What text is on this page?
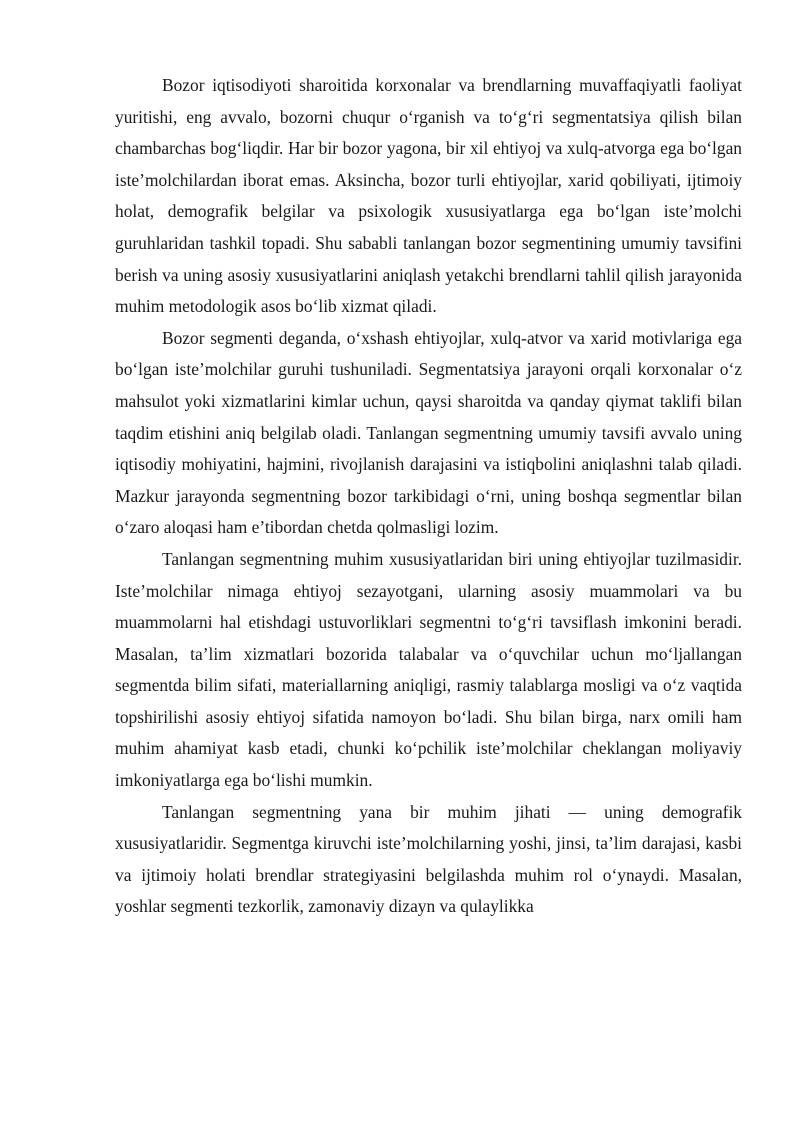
Bozor iqtisodiyoti sharoitida korxonalar va brendlarning muvaffaqiyatli faoliyat yuritishi, eng avvalo, bozorni chuqur o‘rganish va to‘g‘ri segmentatsiya qilish bilan chambarchas bog‘liqdir. Har bir bozor yagona, bir xil ehtiyoj va xulq-atvorga ega bo‘lgan iste’molchilardan iborat emas. Aksincha, bozor turli ehtiyojlar, xarid qobiliyati, ijtimoiy holat, demografik belgilar va psixologik xususiyatlarga ega bo‘lgan iste’molchi guruhlaridan tashkil topadi. Shu sababli tanlangan bozor segmentining umumiy tavsifini berish va uning asosiy xususiyatlarini aniqlash yetakchi brendlarni tahlil qilish jarayonida muhim metodologik asos bo‘lib xizmat qiladi.

Bozor segmenti deganda, o‘xshash ehtiyojlar, xulq-atvor va xarid motivlariga ega bo‘lgan iste’molchilar guruhi tushuniladi. Segmentatsiya jarayoni orqali korxonalar o‘z mahsulot yoki xizmatlarini kimlar uchun, qaysi sharoitda va qanday qiymat taklifi bilan taqdim etishini aniq belgilab oladi. Tanlangan segmentning umumiy tavsifi avvalo uning iqtisodiy mohiyatini, hajmini, rivojlanish darajasini va istiqbolini aniqlashni talab qiladi. Mazkur jarayonda segmentning bozor tarkibidagi o‘rni, uning boshqa segmentlar bilan o‘zaro aloqasi ham e’tibordan chetda qolmasligi lozim.

Tanlangan segmentning muhim xususiyatlaridan biri uning ehtiyojlar tuzilmasidir. Iste’molchilar nimaga ehtiyoj sezayotgani, ularning asosiy muammolari va bu muammolarni hal etishdagi ustuvorliklari segmentni to‘g‘ri tavsiflash imkonini beradi. Masalan, ta’lim xizmatlari bozorida talabalar va o‘quvchilar uchun mo‘ljallangan segmentda bilim sifati, materiallarning aniqligi, rasmiy talablarga mosligi va o‘z vaqtida topshirilishi asosiy ehtiyoj sifatida namoyon bo‘ladi. Shu bilan birga, narx omili ham muhim ahamiyat kasb etadi, chunki ko‘pchilik iste’molchilar cheklangan moliyaviy imkoniyatlarga ega bo‘lishi mumkin.

Tanlangan segmentning yana bir muhim jihati — uning demografik xususiyatlaridir. Segmentga kiruvchi iste’molchilarning yoshi, jinsi, ta’lim darajasi, kasbi va ijtimoiy holati brendlar strategiyasini belgilashda muhim rol o‘ynaydi. Masalan, yoshlar segmenti tezkorlik, zamonaviy dizayn va qulaylikka
